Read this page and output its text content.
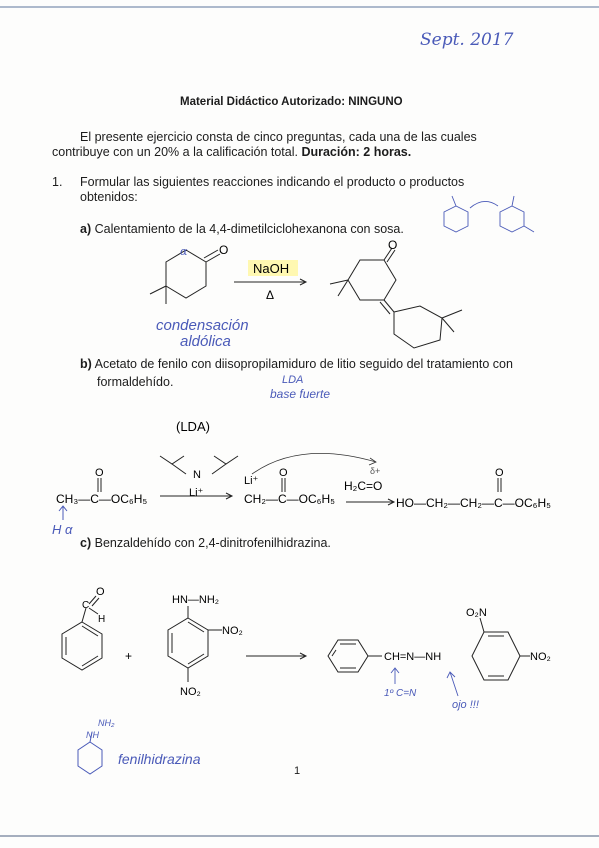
Sept. 2017
Material Didáctico Autorizado: NINGUNO
El presente ejercicio consta de cinco preguntas, cada una de las cuales
contribuye con un 20% a la calificación total. Duración: 2 horas.
1. Formular las siguientes reacciones indicando el producto o productos
obtenidos:
a) Calentamiento de la 4,4-dimetilciclohexanona con sosa.
b) Acetato de fenilo con diisopropilamiduro de litio seguido del tratamiento con
formaldehído.
c) Benzaldehído con 2,4-dinitrofenilhidrazina.
1
O
α
NaOH
Δ
O
condensación
aldólica
LDA
base fuerte
(LDA)
N
Li⁺
O
CH₃—C—OC₆H₅
Li⁺
O
CH₂—C—OC₆H₅
H₂C=O
δ+	O
HO—CH₂—CH₂—C—OC₆H₅
H α
O
C
H
+
HN—NH₂
NO₂
NO₂
CH=N—NH
O₂N
NO₂
1º C=N
ojo !!!
NH₂
NH
fenilhidrazina
